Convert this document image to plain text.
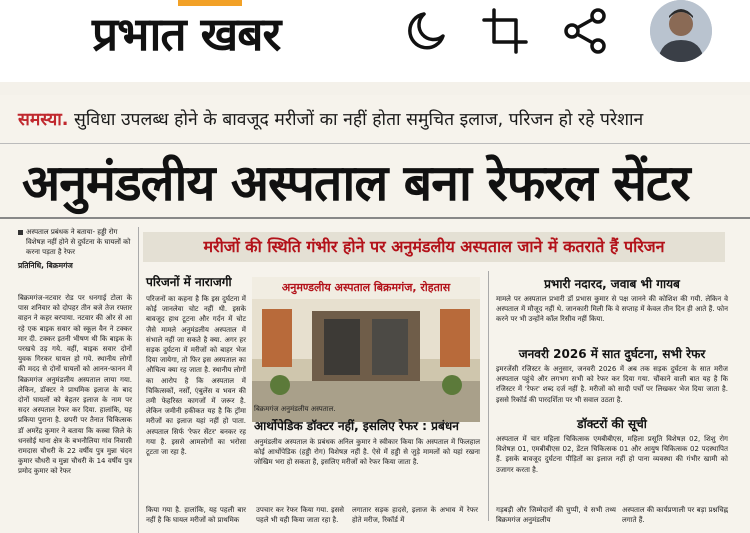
प्रभात खबर
समस्या. सुविधा उपलब्ध होने के बावजूद मरीजों का नहीं होता समुचित इलाज, परिजन हो रहे परेशान
अनुमंडलीय अस्पताल बना रेफरल सेंटर
अस्पताल प्रबंधक ने बताया- हड्डी रोग विशेषज्ञ नहीं होने से दुर्घटना के घायलों को करना पड़ता है रेफर
प्रतिनिधि, बिक्रमगंज
बिक्रमगंज-नटवार रोड पर धनगाई टोला के पास शनिवार को दोपहर तीन बजे तेज रफ्तार वाहन ने कहर बरपाया. नटवार की ओर से आ रहे एक बाइक सवार को स्कूल वैन ने टक्कर मार दी. टक्कर इतनी भीषण थी कि बाइक के परखचे उड़ गये. वहीं, बाइक सवार दोनों युवक गिरकर घायल हो गये. स्थानीय लोगों की मदद से दोनों घायलों को आनन-फानन में बिक्रमगंज अनुमंडलीय अस्पताल लाया गया. लेकिन, डॉक्टर ने प्राथमिक इलाज के बाद दोनों घायलों को बेहतर इलाज के नाम पर सदर अस्पताल रेफर कर दिया. हालांकि, यह प्रकिया पुराना है. छपरी पर तैनात चिकित्सक डॉ अमरेंद्र कुमार ने बताया कि कस्बा जिले के धनसोई थाना क्षेत्र के बभनौलिया गांव निवासी रामदास चौधरी के 22 वर्षीय पुत्र मुन्ना चंदन कुमार चौधरी व मुन्ना चौधरी के 14 वर्षीय पुत्र प्रमोद कुमार को रेफर
मरीजों की स्थिति गंभीर होने पर अनुमंडलीय अस्पताल जाने में कतराते हैं परिजन
परिजनों में नाराजगी
परिजनों का कहना है कि इस दुर्घटना में कोई जानलेवा चोट नहीं थी. इसके बावजूद हाथ टूटना और गर्दन में चोट जैसे मामले अनुमंडलीय अस्पताल में संभाले नहीं जा सकते है क्या. अगर हर सड़क दुर्घटना में मरीजों को बाहर भेज दिया जायेगा, तो फिर इस अस्पताल का औचित्य क्या रह जाता है. स्थानीय लोगों का आरोप है कि अस्पताल में चिकित्सकों, नर्सों, एंबुलेंस व भवन की तमी फेहरिस्त कागजों में जरूर है. लेकिन जमीनी हकीकत यह है कि ट्रॉमा मरीजों का इलाज यहां नहीं हो पाता. अस्पताल सिर्फ 'रेफर सेंटर' बनकर रह गया है. इससे आमलोगों का भरोसा टूटता जा रहा है.
अनुमण्डलीय अस्पताल बिक्रमगंज, रोहतास
बिक्रमगंज अनुमंडलीय अस्पताल.
आर्थोपेडिक डॉक्टर नहीं, इसलिए रेफर : प्रबंधन
अनुमंडलीय अस्पताल के प्रबंधक अनिल कुमार ने स्वीकार किया कि अस्पताल में फिलहाल कोई आर्थोपेडिक (हड्डी रोग) विशेषज्ञ नहीं है. ऐसे में हड्डी से जुड़े मामलों को यहां रखना जोखिम भरा हो सकता है, इसलिए मरीजों को रेफर किया जाता है.
प्रभारी नदारद, जवाब भी गायब
मामले पर अस्पताल प्रभारी डॉ प्रभास कुमार से पक्ष जानने की कोशिश की गयी. लेकिन वे अस्पताल में मौजूद नहीं थे. जानकारी मिली कि वे सप्ताह में केवल तीन दिन ही आते हैं. फोन करने पर भी उन्होंने कॉल रिसीव नहीं किया.
जनवरी 2026 में सात दुर्घटना, सभी रेफर
इमरजेंसी रजिस्टर के अनुसार, जनवरी 2026 में अब तक सड़क दुर्घटना के सात मरीज अस्पताल पहुंचे और लगभग सभी को रेफर कर दिया गया. चौंकाने वाली बात यह है कि रजिस्टर में 'रेफर' शब्द दर्ज नहीं है. मरीजों को सादी पर्चों पर लिखकर भेज दिया जाता है. इससे रिकॉर्ड की पारदर्शिता पर भी सवाल उठता है.
डॉक्टरों की सूची
अस्पताल में चार महिला चिकित्सक एमबीबीएस, महिला प्रसूति विशेषज्ञ 02, शिशु रोग विशेषज्ञ 01, एमबीबीएस 02, डेंटल चिकित्सक 01 और आयुष चिकित्सक 02 पदस्थापित हैं. इसके बावजूद दुर्घटना पीड़ितों का इलाज नहीं हो पाना व्यवस्था की गंभीर खामी को उजागर करता है.
किया गया है. हालांकि, यह पहली बार नहीं है कि घायल मरीजों को प्राथमिक
उपचार कर रेफर किया गया. इससे पहले भी यही किया जाता रहा है.
लगातार सड़क हादसे, इलाज के अभाव में रेफर होते मरीज, रिकॉर्ड में
गड़बड़ी और जिम्मेदारों की चुप्पी, ये सभी तथ्य बिक्रमगंज अनुमंडलीय
अस्पताल की कार्यप्रणाली पर बड़ा प्रश्नचिह्न लगाते हैं.
